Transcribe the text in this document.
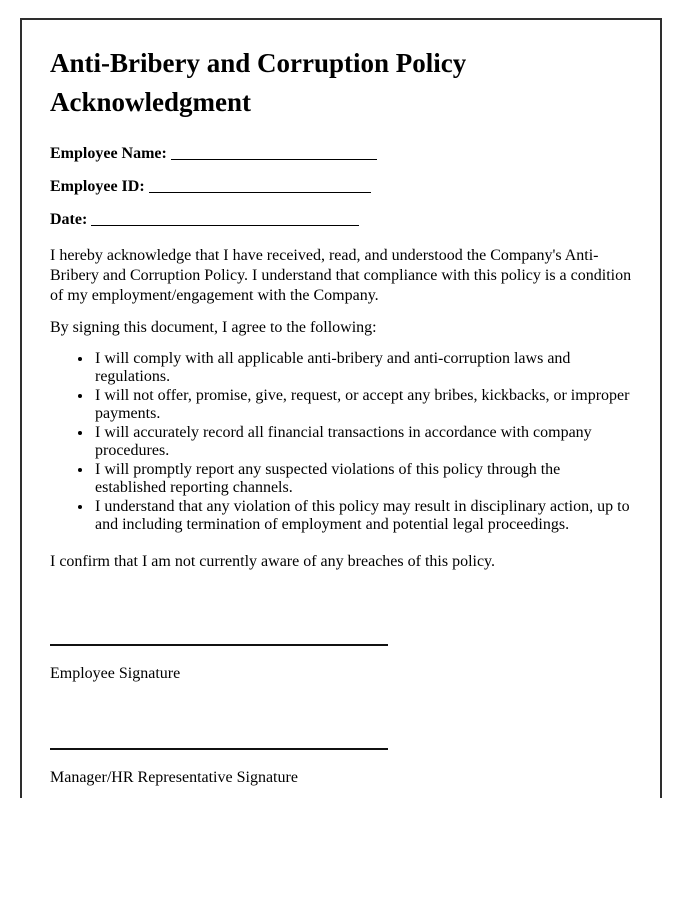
Anti-Bribery and Corruption Policy Acknowledgment
Employee Name:
Employee ID:
Date:

I hereby acknowledge that I have received, read, and understood the Company's Anti-Bribery and Corruption Policy. I understand that compliance with this policy is a condition of my employment/engagement with the Company.

By signing this document, I agree to the following:

• I will comply with all applicable anti-bribery and anti-corruption laws and regulations.
• I will not offer, promise, give, request, or accept any bribes, kickbacks, or improper payments.
• I will accurately record all financial transactions in accordance with company procedures.
• I will promptly report any suspected violations of this policy through the established reporting channels.
• I understand that any violation of this policy may result in disciplinary action, up to and including termination of employment and potential legal proceedings.

I confirm that I am not currently aware of any breaches of this policy.

Employee Signature

Manager/HR Representative Signature
